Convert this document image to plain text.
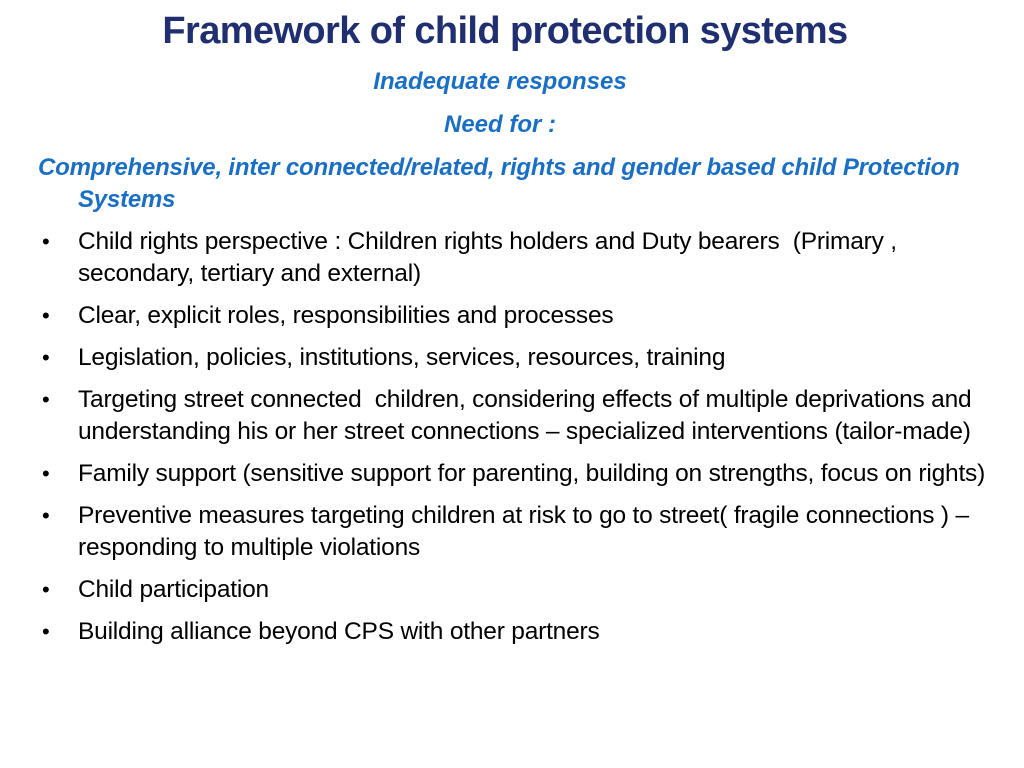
Framework of child protection systems
Inadequate responses
Need for :
Comprehensive, inter connected/related, rights and gender based child Protection Systems
•	Child rights perspective : Children rights holders and Duty bearers  (Primary , secondary, tertiary and external)
•	Clear, explicit roles, responsibilities and processes
•	Legislation, policies, institutions, services, resources, training
•	Targeting street connected  children, considering effects of multiple deprivations and understanding his or her street connections – specialized interventions (tailor-made)
•	Family support (sensitive support for parenting, building on strengths, focus on rights)
•	Preventive measures targeting children at risk to go to street( fragile connections ) – responding to multiple violations
•	Child participation
•	Building alliance beyond CPS with other partners
